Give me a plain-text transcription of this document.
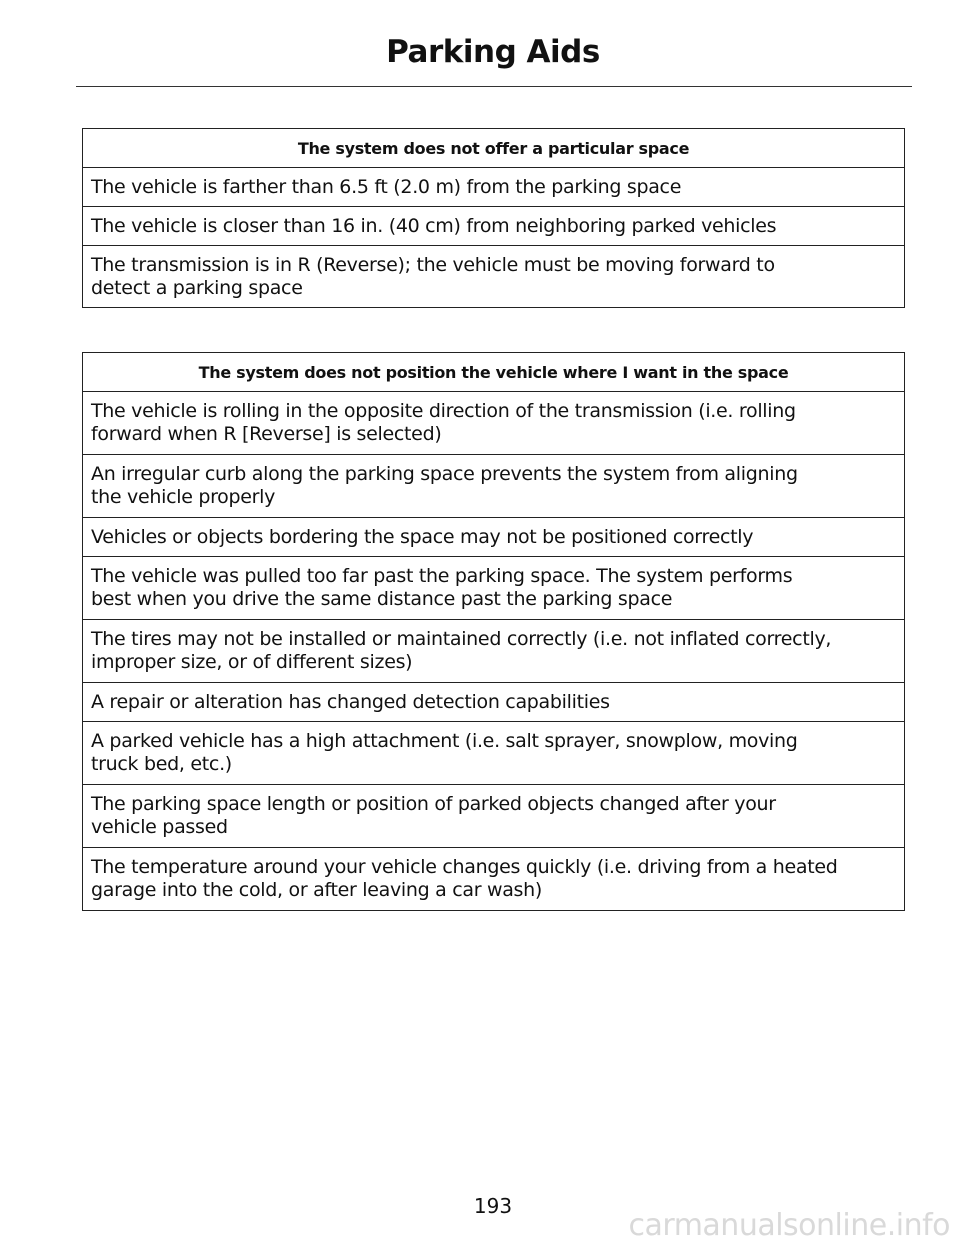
Parking Aids
The system does not offer a particular space
The vehicle is farther than 6.5 ft (2.0 m) from the parking space
The vehicle is closer than 16 in. (40 cm) from neighboring parked vehicles
The transmission is in R (Reverse); the vehicle must be moving forward to
detect a parking space
The system does not position the vehicle where I want in the space
The vehicle is rolling in the opposite direction of the transmission (i.e. rolling
forward when R [Reverse] is selected)
An irregular curb along the parking space prevents the system from aligning
the vehicle properly
Vehicles or objects bordering the space may not be positioned correctly
The vehicle was pulled too far past the parking space. The system performs
best when you drive the same distance past the parking space
The tires may not be installed or maintained correctly (i.e. not inflated correctly,
improper size, or of different sizes)
A repair or alteration has changed detection capabilities
A parked vehicle has a high attachment (i.e. salt sprayer, snowplow, moving
truck bed, etc.)
The parking space length or position of parked objects changed after your
vehicle passed
The temperature around your vehicle changes quickly (i.e. driving from a heated
garage into the cold, or after leaving a car wash)

193

carmanualsonline.info
